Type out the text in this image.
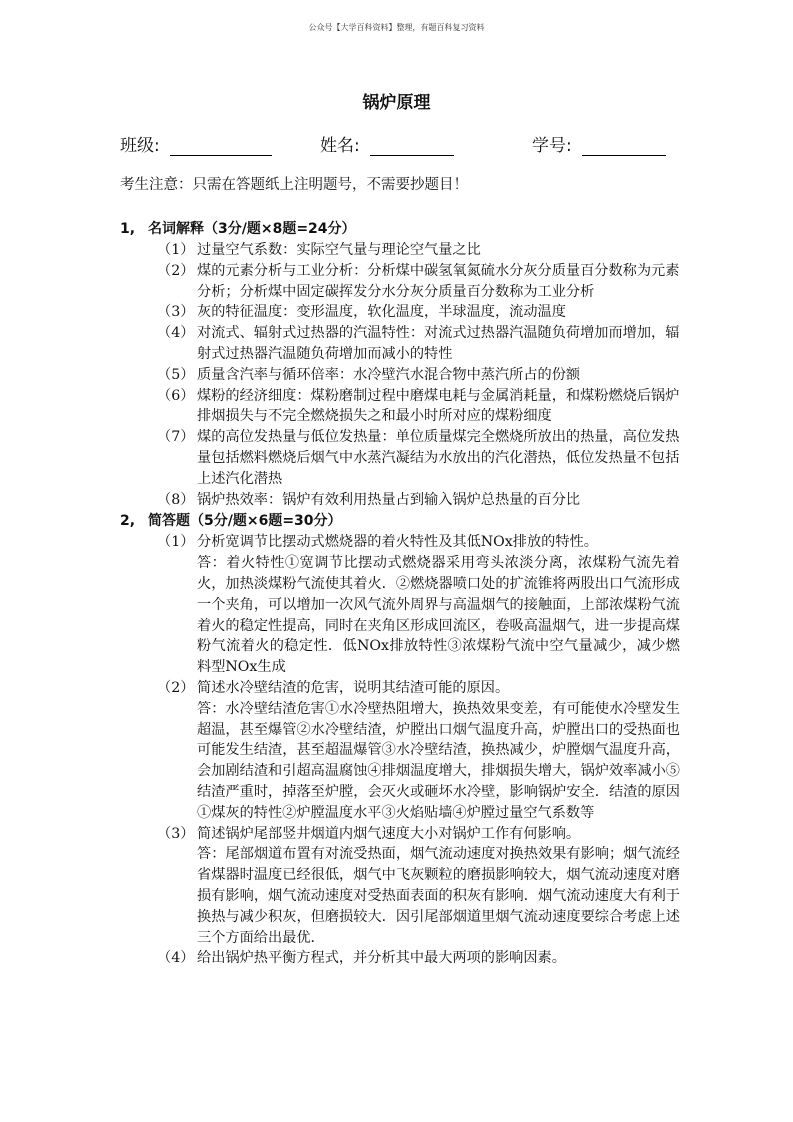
公众号【大学百科资料】整理，有题百科复习资料
锅炉原理
班级:	姓名:	学号:
考生注意：只需在答题纸上注明题号，不需要抄题目！
1, 名词解释（3分/题×8题=24分）
（1） 过量空气系数：实际空气量与理论空气量之比
（2） 煤的元素分析与工业分析：分析煤中碳氢氧氮硫水分灰分质量百分数称为元素分析；分析煤中固定碳挥发分水分灰分质量百分数称为工业分析
（3） 灰的特征温度：变形温度，软化温度，半球温度，流动温度
（4） 对流式、辐射式过热器的汽温特性：对流式过热器汽温随负荷增加而增加，辐射式过热器汽温随负荷增加而减小的特性
（5） 质量含汽率与循环倍率：水冷壁汽水混合物中蒸汽所占的份额
（6） 煤粉的经济细度：煤粉磨制过程中磨煤电耗与金属消耗量，和煤粉燃烧后锅炉排烟损失与不完全燃烧损失之和最小时所对应的煤粉细度
（7） 煤的高位发热量与低位发热量：单位质量煤完全燃烧所放出的热量，高位发热量包括燃料燃烧后烟气中水蒸汽凝结为水放出的汽化潜热，低位发热量不包括上述汽化潜热
（8） 锅炉热效率：锅炉有效利用热量占到输入锅炉总热量的百分比
2, 简答题（5分/题×6题=30分）
（1） 分析宽调节比摆动式燃烧器的着火特性及其低NOx排放的特性。
答：着火特性①宽调节比摆动式燃烧器采用弯头浓淡分离，浓煤粉气流先着火，加热淡煤粉气流使其着火．②燃烧器喷口处的扩流锥将两股出口气流形成一个夹角，可以增加一次风气流外周界与高温烟气的接触面，上部浓煤粉气流着火的稳定性提高，同时在夹角区形成回流区，卷吸高温烟气，进一步提高煤粉气流着火的稳定性．低NOx排放特性③浓煤粉气流中空气量减少，减少燃料型NOx生成
（2） 简述水冷壁结渣的危害，说明其结渣可能的原因。
答：水冷壁结渣危害①水冷壁热阻增大，换热效果变差，有可能使水冷壁发生超温，甚至爆管②水冷壁结渣，炉膛出口烟气温度升高，炉膛出口的受热面也可能发生结渣，甚至超温爆管③水冷壁结渣，换热减少，炉膛烟气温度升高，会加剧结渣和引超高温腐蚀④排烟温度增大，排烟损失增大，锅炉效率减小⑤结渣严重时，掉落至炉膛，会灭火或砸坏水冷壁，影响锅炉安全．结渣的原因①煤灰的特性②炉膛温度水平③火焰贴墙④炉膛过量空气系数等
（3） 简述锅炉尾部竖井烟道内烟气速度大小对锅炉工作有何影响。
答：尾部烟道布置有对流受热面，烟气流动速度对换热效果有影响；烟气流经省煤器时温度已经很低，烟气中飞灰颗粒的磨损影响较大，烟气流动速度对磨损有影响，烟气流动速度对受热面表面的积灰有影响．烟气流动速度大有利于换热与减少积灰，但磨损较大．因引尾部烟道里烟气流动速度要综合考虑上述三个方面给出最优．
（4） 给出锅炉热平衡方程式，并分析其中最大两项的影响因素。
